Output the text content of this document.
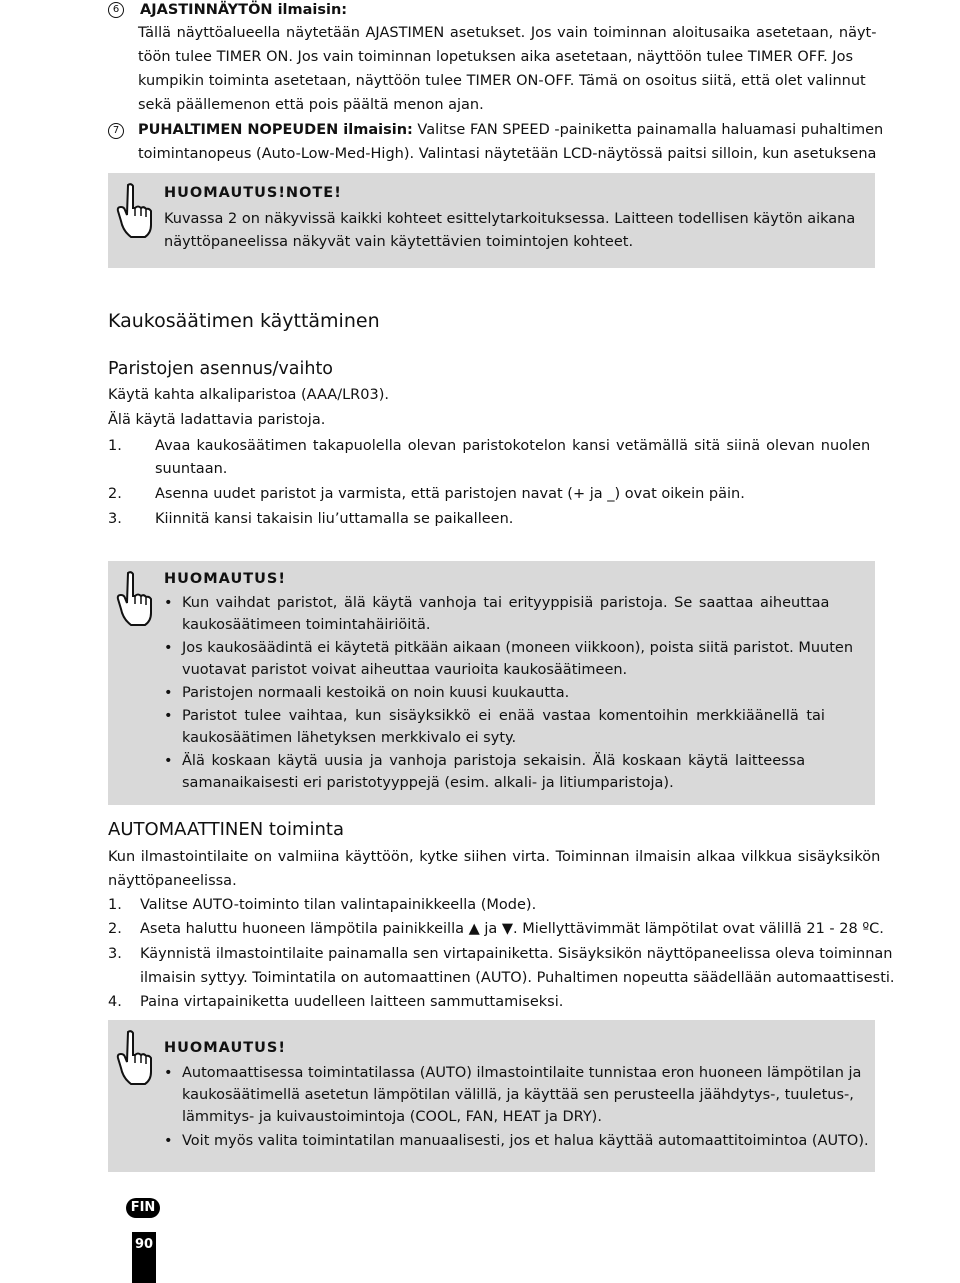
6	AJASTINNÄYTÖN ilmaisin:
Tällä näyttöalueella näytetään AJASTIMEN asetukset. Jos vain toiminnan aloitusaika asetetaan, näyt-
töön tulee TIMER ON. Jos vain toiminnan lopetuksen aika asetetaan, näyttöön tulee TIMER OFF. Jos
kumpikin toiminta asetetaan, näyttöön tulee TIMER ON-OFF. Tämä on osoitus siitä, että olet valinnut
sekä päällemenon että pois päältä menon ajan.
7	PUHALTIMEN NOPEUDEN ilmaisin: Valitse FAN SPEED -painiketta painamalla haluamasi puhaltimen
toimintanopeus (Auto-Low-Med-High). Valintasi näytetään LCD-näytössä paitsi silloin, kun asetuksena
HUOMAUTUS!NOTE!
Kuvassa 2 on näkyvissä kaikki kohteet esittelytarkoituksessa. Laitteen todellisen käytön aikana
näyttöpaneelissa näkyvät vain käytettävien toimintojen kohteet.
Kaukosäätimen käyttäminen
Paristojen asennus/vaihto
Käytä kahta alkaliparistoa (AAA/LR03).
Älä käytä ladattavia paristoja.
1. Avaa kaukosäätimen takapuolella olevan paristokotelon kansi vetämällä sitä siinä olevan nuolen
suuntaan.
2. Asenna uudet paristot ja varmista, että paristojen navat (+ ja _) ovat oikein päin.
3. Kiinnitä kansi takaisin liu’uttamalla se paikalleen.
HUOMAUTUS!
• Kun vaihdat paristot, älä käytä vanhoja tai erityyppisiä paristoja. Se saattaa aiheuttaa
kaukosäätimeen toimintahäiriöitä.
• Jos kaukosäädintä ei käytetä pitkään aikaan (moneen viikkoon), poista siitä paristot. Muuten
vuotavat paristot voivat aiheuttaa vaurioita kaukosäätimeen.
• Paristojen normaali kestoikä on noin kuusi kuukautta.
• Paristot tulee vaihtaa, kun sisäyksikkö ei enää vastaa komentoihin merkkiäänellä tai
kaukosäätimen lähetyksen merkkivalo ei syty.
• Älä koskaan käytä uusia ja vanhoja paristoja sekaisin. Älä koskaan käytä laitteessa
samanaikaisesti eri paristotyyppejä (esim. alkali- ja litiumparistoja).
AUTOMAATTINEN toiminta
Kun ilmastointilaite on valmiina käyttöön, kytke siihen virta. Toiminnan ilmaisin alkaa vilkkua sisäyksikön
näyttöpaneelissa.
1. Valitse AUTO-toiminto tilan valintapainikkeella (Mode).
2. Aseta haluttu huoneen lämpötila painikkeilla ▲ ja ▼. Miellyttävimmät lämpötilat ovat välillä 21 - 28 ºC.
3. Käynnistä ilmastointilaite painamalla sen virtapainiketta. Sisäyksikön näyttöpaneelissa oleva toiminnan
ilmaisin syttyy. Toimintatila on automaattinen (AUTO). Puhaltimen nopeutta säädellään automaattisesti.
4. Paina virtapainiketta uudelleen laitteen sammuttamiseksi.
HUOMAUTUS!
• Automaattisessa toimintatilassa (AUTO) ilmastointilaite tunnistaa eron huoneen lämpötilan ja
kaukosäätimellä asetetun lämpötilan välillä, ja käyttää sen perusteella jäähdytys-, tuuletus-,
lämmitys- ja kuivaustoimintoja (COOL, FAN, HEAT ja DRY).
• Voit myös valita toimintatilan manuaalisesti, jos et halua käyttää automaattitoimintoa (AUTO).
FIN
90
